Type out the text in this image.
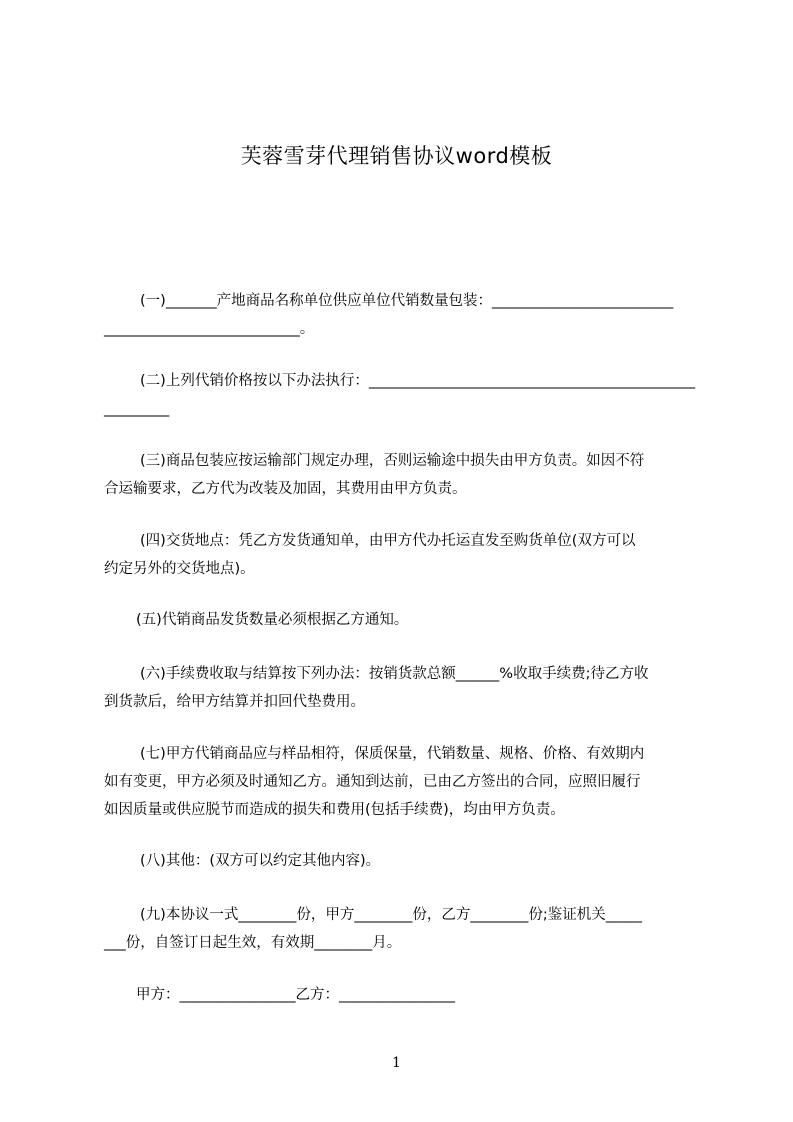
芙蓉雪芽代理销售协议word模板
(一)_______产地商品名称单位供应单位代销数量包装：_________________________
___________________________。
(二)上列代销价格按以下办法执行：_____________________________________________
_________
(三)商品包装应按运输部门规定办理，否则运输途中损失由甲方负责。如因不符
合运输要求，乙方代为改装及加固，其费用由甲方负责。
(四)交货地点：凭乙方发货通知单，由甲方代办托运直发至购货单位(双方可以
约定另外的交货地点)。
(五)代销商品发货数量必须根据乙方通知。
(六)手续费收取与结算按下列办法：按销货款总额______%收取手续费;待乙方收
到货款后，给甲方结算并扣回代垫费用。
(七)甲方代销商品应与样品相符，保质保量，代销数量、规格、价格、有效期内
如有变更，甲方必须及时通知乙方。通知到达前，已由乙方签出的合同，应照旧履行
如因质量或供应脱节而造成的损失和费用(包括手续费)，均由甲方负责。
(八)其他：(双方可以约定其他内容)。
(九)本协议一式________份，甲方________份，乙方________份;鉴证机关_____
___份，自签订日起生效，有效期________月。
甲方：________________乙方：________________
1
